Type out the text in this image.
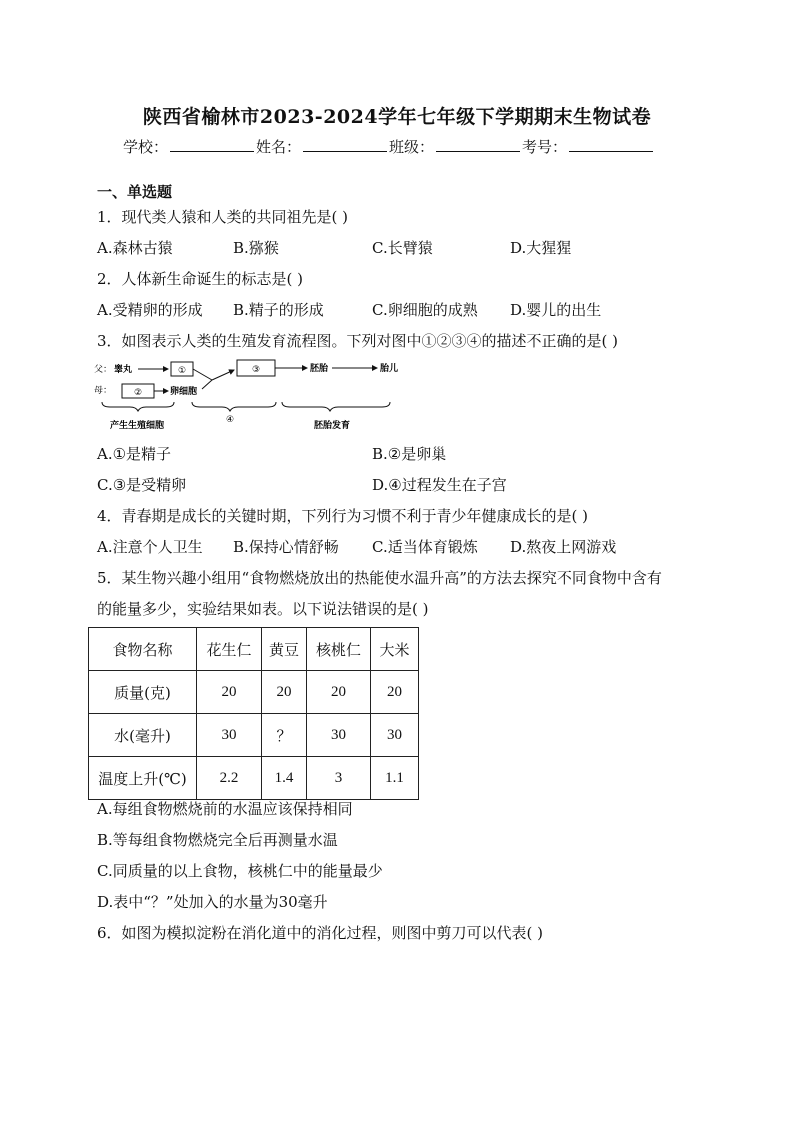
陕西省榆林市2023-2024学年七年级下学期期末生物试卷
学校：	姓名：	班级：	考号：
一、单选题
1．现代类人猿和人类的共同祖先是( )
A.森林古猿	B.猕猴	C.长臂猿	D.大猩猩
2．人体新生命诞生的标志是( )
A.受精卵的形成 B.精子的形成	C.卵细胞的成熟 D.婴儿的出生
3．如图表示人类的生殖发育流程图。下列对图中①②③④的描述不正确的是( )
父：
母：
睾丸	①
②	卵细胞
③	胚胎	胎儿
产生生殖细胞
④
胚胎发育
A.①是精子	B.②是卵巢
C.③是受精卵	D.④过程发生在子宫
4．青春期是成长的关键时期，下列行为习惯不利于青少年健康成长的是( )
A.注意个人卫生 B.保持心情舒畅 C.适当体育锻炼 D.熬夜上网游戏
5．某生物兴趣小组用“食物燃烧放出的热能使水温升高”的方法去探究不同食物中含有
的能量多少，实验结果如表。以下说法错误的是( )
食物名称	花生仁	黄豆	核桃仁	大米
质量(克)	20	20	20	20
水(毫升)	30	？	30	30
温度上升(℃)	2.2	1.4	3	1.1
A.每组食物燃烧前的水温应该保持相同
B.等每组食物燃烧完全后再测量水温
C.同质量的以上食物，核桃仁中的能量最少
D.表中“？”处加入的水量为30毫升
6．如图为模拟淀粉在消化道中的消化过程，则图中剪刀可以代表( )
